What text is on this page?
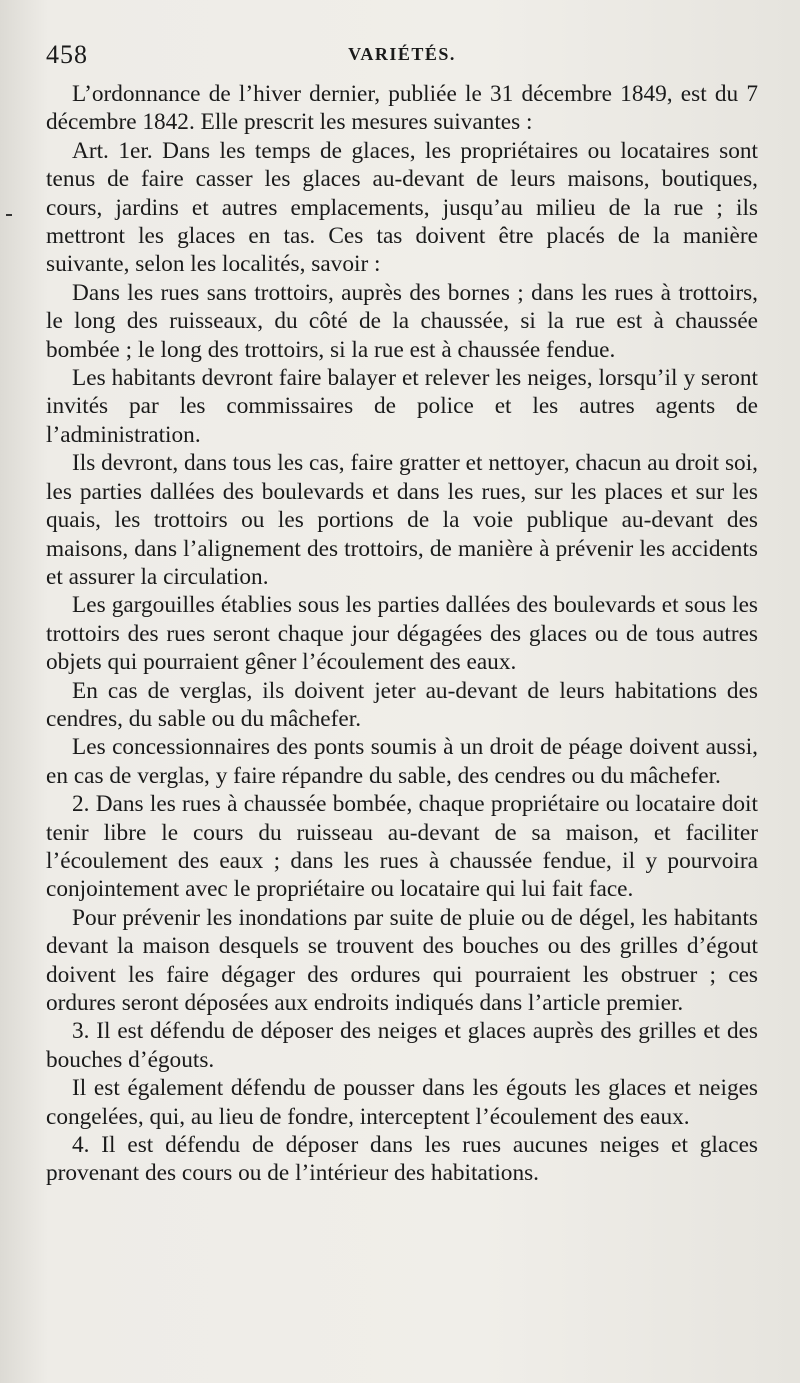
458	VARIÉTÉS.

L’ordonnance de l’hiver dernier, publiée le 31 décembre 1849, est du 7 décembre 1842. Elle prescrit les mesures suivantes :

Art. 1er. Dans les temps de glaces, les propriétaires ou locataires sont tenus de faire casser les glaces au-devant de leurs maisons, boutiques, cours, jardins et autres emplacements, jusqu’au milieu de la rue ; ils mettront les glaces en tas. Ces tas doivent être placés de la manière suivante, selon les localités, savoir :

Dans les rues sans trottoirs, auprès des bornes ; dans les rues à trottoirs, le long des ruisseaux, du côté de la chaussée, si la rue est à chaussée bombée ; le long des trottoirs, si la rue est à chaussée fendue.

Les habitants devront faire balayer et relever les neiges, lorsqu’il y seront invités par les commissaires de police et les autres agents de l’administration.

Ils devront, dans tous les cas, faire gratter et nettoyer, chacun au droit soi, les parties dallées des boulevards et dans les rues, sur les places et sur les quais, les trottoirs ou les portions de la voie publique au-devant des maisons, dans l’alignement des trottoirs, de manière à prévenir les accidents et assurer la circulation.

Les gargouilles établies sous les parties dallées des boulevards et sous les trottoirs des rues seront chaque jour dégagées des glaces ou de tous autres objets qui pourraient gêner l’écoulement des eaux.

En cas de verglas, ils doivent jeter au-devant de leurs habitations des cendres, du sable ou du mâchefer.

Les concessionnaires des ponts soumis à un droit de péage doivent aussi, en cas de verglas, y faire répandre du sable, des cendres ou du mâchefer.

2. Dans les rues à chaussée bombée, chaque propriétaire ou locataire doit tenir libre le cours du ruisseau au-devant de sa maison, et faciliter l’écoulement des eaux ; dans les rues à chaussée fendue, il y pourvoira conjointement avec le propriétaire ou locataire qui lui fait face.

Pour prévenir les inondations par suite de pluie ou de dégel, les habitants devant la maison desquels se trouvent des bouches ou des grilles d’égout doivent les faire dégager des ordures qui pourraient les obstruer ; ces ordures seront déposées aux endroits indiqués dans l’article premier.

3. Il est défendu de déposer des neiges et glaces auprès des grilles et des bouches d’égouts.

Il est également défendu de pousser dans les égouts les glaces et neiges congelées, qui, au lieu de fondre, interceptent l’écoulement des eaux.

4. Il est défendu de déposer dans les rues aucunes neiges et glaces provenant des cours ou de l’intérieur des habitations.
